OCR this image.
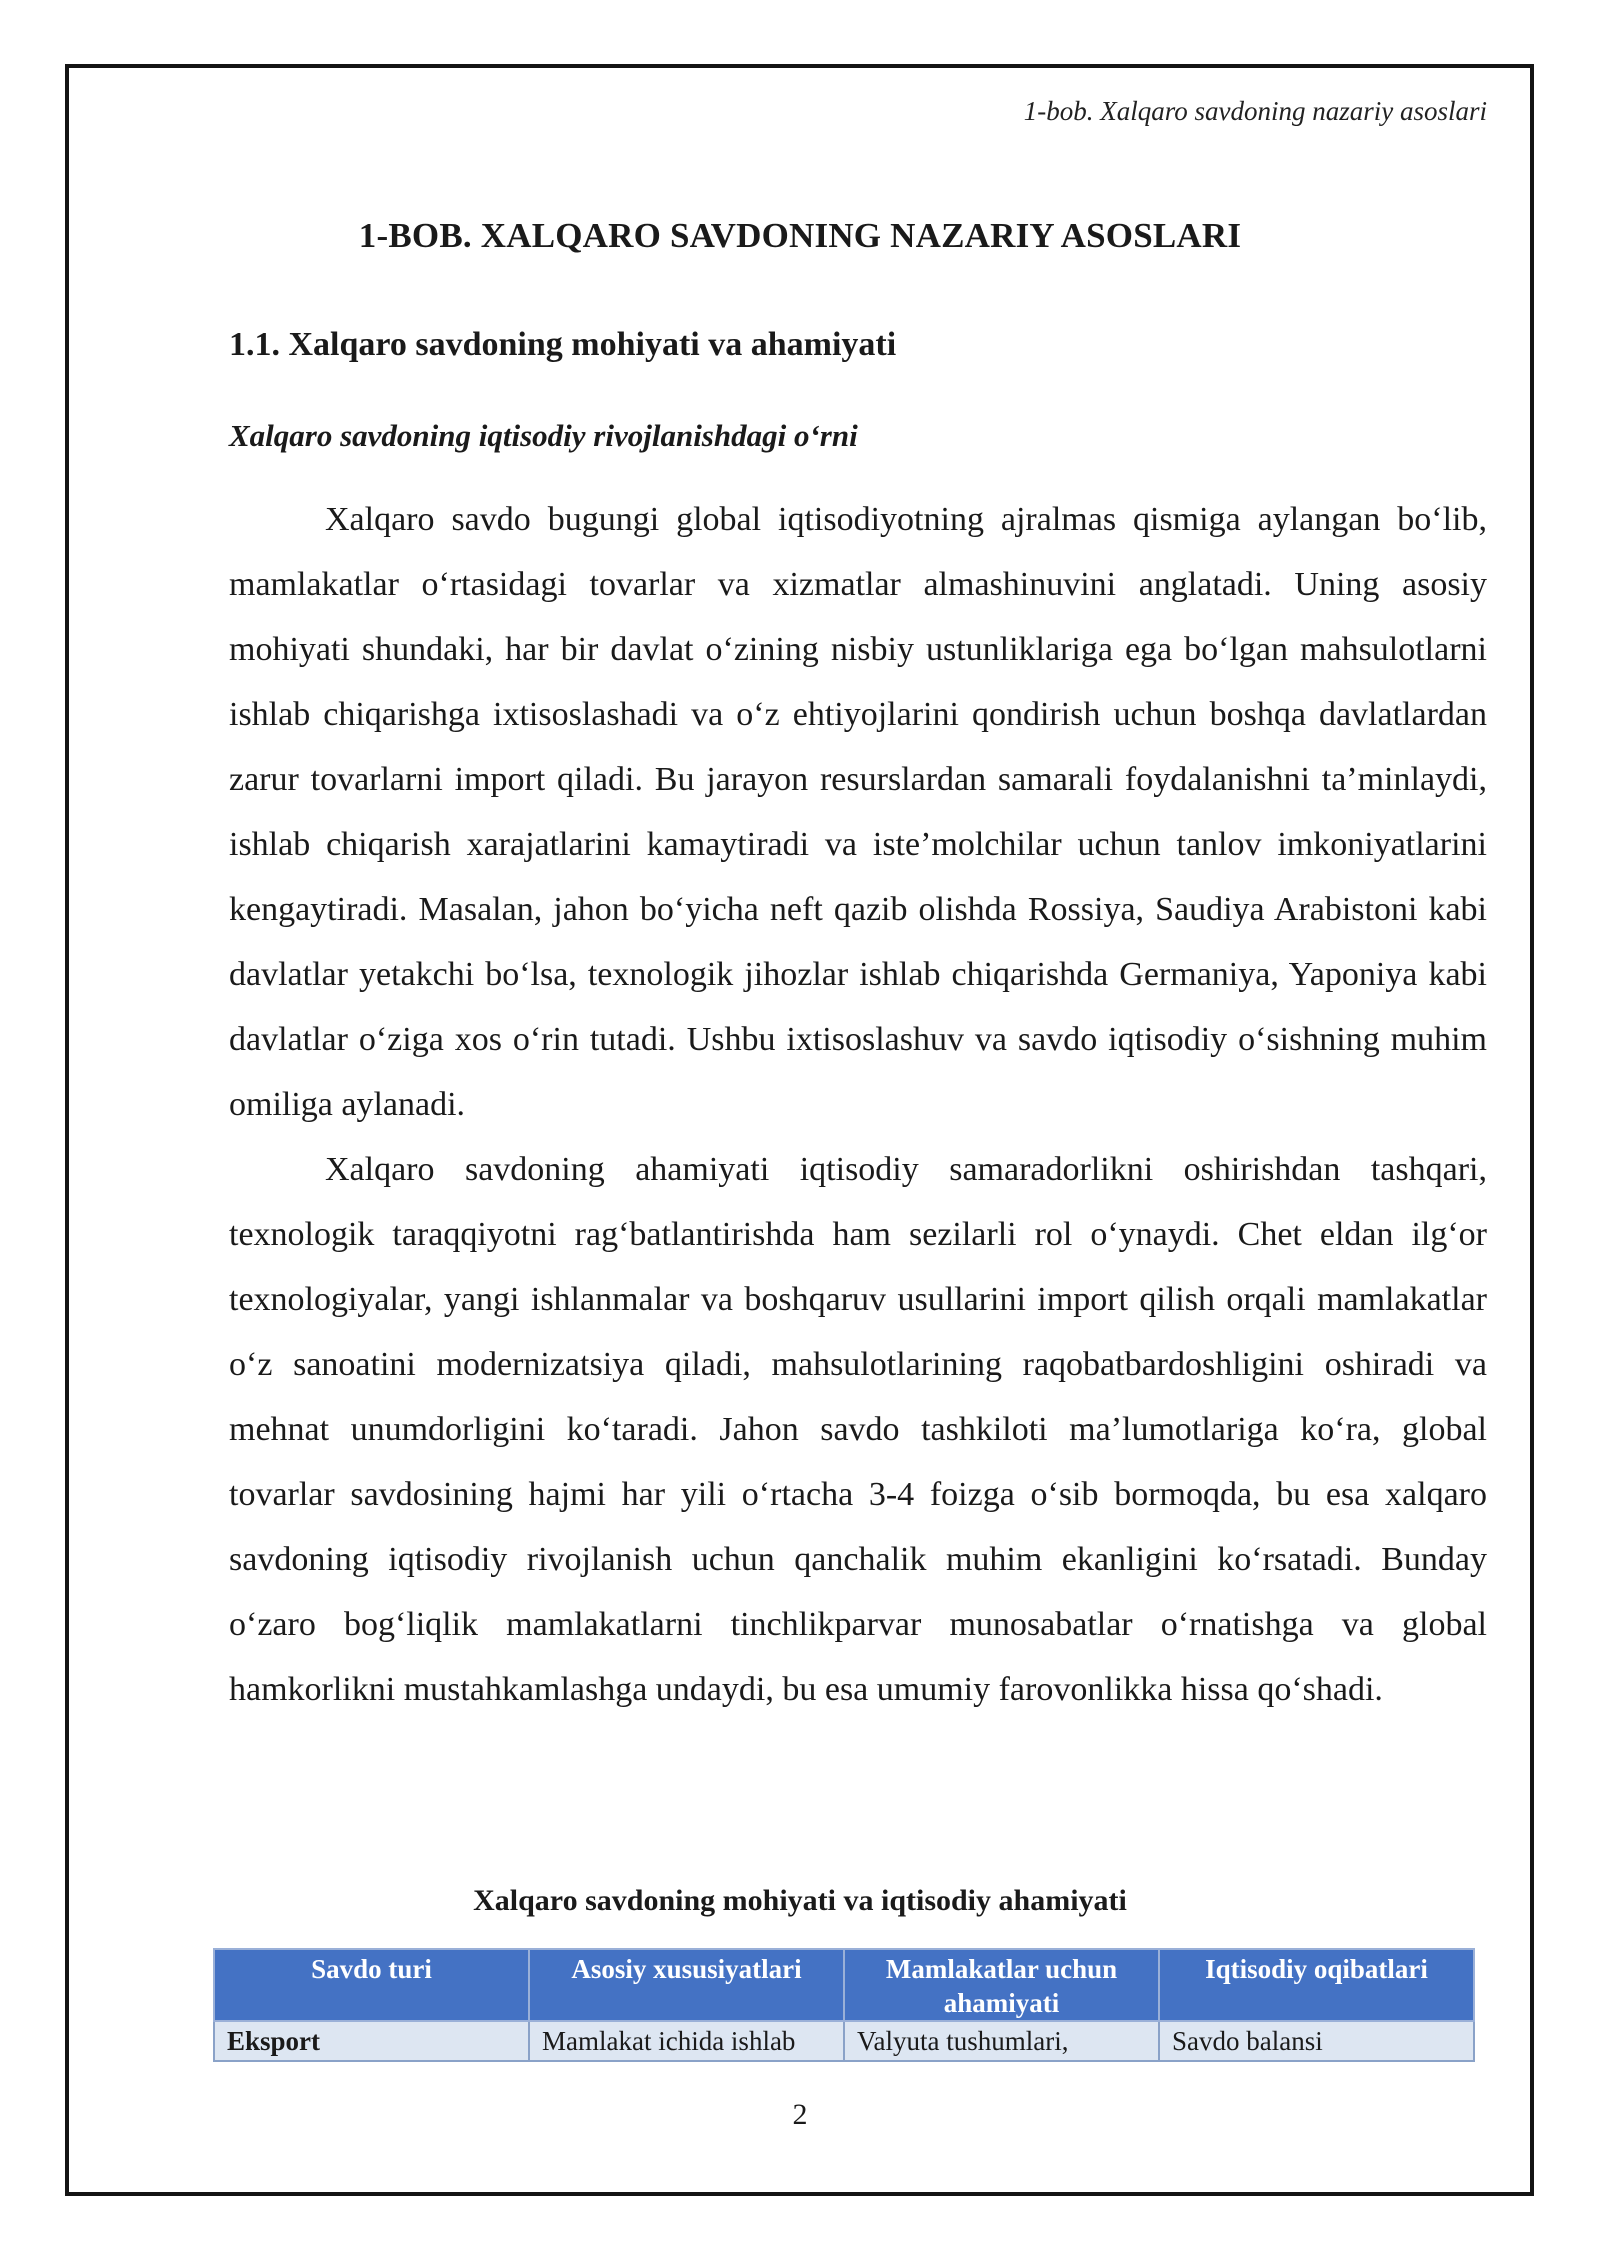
1-bob. Xalqaro savdoning nazariy asoslari
1-BOB. XALQARO SAVDONING NAZARIY ASOSLARI
1.1. Xalqaro savdoning mohiyati va ahamiyati
Xalqaro savdoning iqtisodiy rivojlanishdagi o‘rni

Xalqaro savdo bugungi global iqtisodiyotning ajralmas qismiga aylangan bo‘lib, mamlakatlar o‘rtasidagi tovarlar va xizmatlar almashinuvini anglatadi. Uning asosiy mohiyati shundaki, har bir davlat o‘zining nisbiy ustunliklariga ega bo‘lgan mahsulotlarni ishlab chiqarishga ixtisoslashadi va o‘z ehtiyojlarini qondirish uchun boshqa davlatlardan zarur tovarlarni import qiladi. Bu jarayon resurslardan samarali foydalanishni ta’minlaydi, ishlab chiqarish xarajatlarini kamaytiradi va iste’molchilar uchun tanlov imkoniyatlarini kengaytiradi. Masalan, jahon bo‘yicha neft qazib olishda Rossiya, Saudiya Arabistoni kabi davlatlar yetakchi bo‘lsa, texnologik jihozlar ishlab chiqarishda Germaniya, Yaponiya kabi davlatlar o‘ziga xos o‘rin tutadi. Ushbu ixtisoslashuv va savdo iqtisodiy o‘sishning muhim omiliga aylanadi.

Xalqaro savdoning ahamiyati iqtisodiy samaradorlikni oshirishdan tashqari, texnologik taraqqiyotni rag‘batlantirishda ham sezilarli rol o‘ynaydi. Chet eldan ilg‘or texnologiyalar, yangi ishlanmalar va boshqaruv usullarini import qilish orqali mamlakatlar o‘z sanoatini modernizatsiya qiladi, mahsulotlarining raqobatbardoshligini oshiradi va mehnat unumdorligini ko‘taradi. Jahon savdo tashkiloti ma’lumotlariga ko‘ra, global tovarlar savdosining hajmi har yili o‘rtacha 3-4 foizga o‘sib bormoqda, bu esa xalqaro savdoning iqtisodiy rivojlanish uchun qanchalik muhim ekanligini ko‘rsatadi. Bunday o‘zaro bog‘liqlik mamlakatlarni tinchlikparvar munosabatlar o‘rnatishga va global hamkorlikni mustahkamlashga undaydi, bu esa umumiy farovonlikka hissa qo‘shadi.

Xalqaro savdoning mohiyati va iqtisodiy ahamiyati
Savdo turi	Asosiy xususiyatlari	Mamlakatlar uchun ahamiyati	Iqtisodiy oqibatlari
Eksport	Mamlakat ichida ishlab	Valyuta tushumlari,	Savdo balansi
2
